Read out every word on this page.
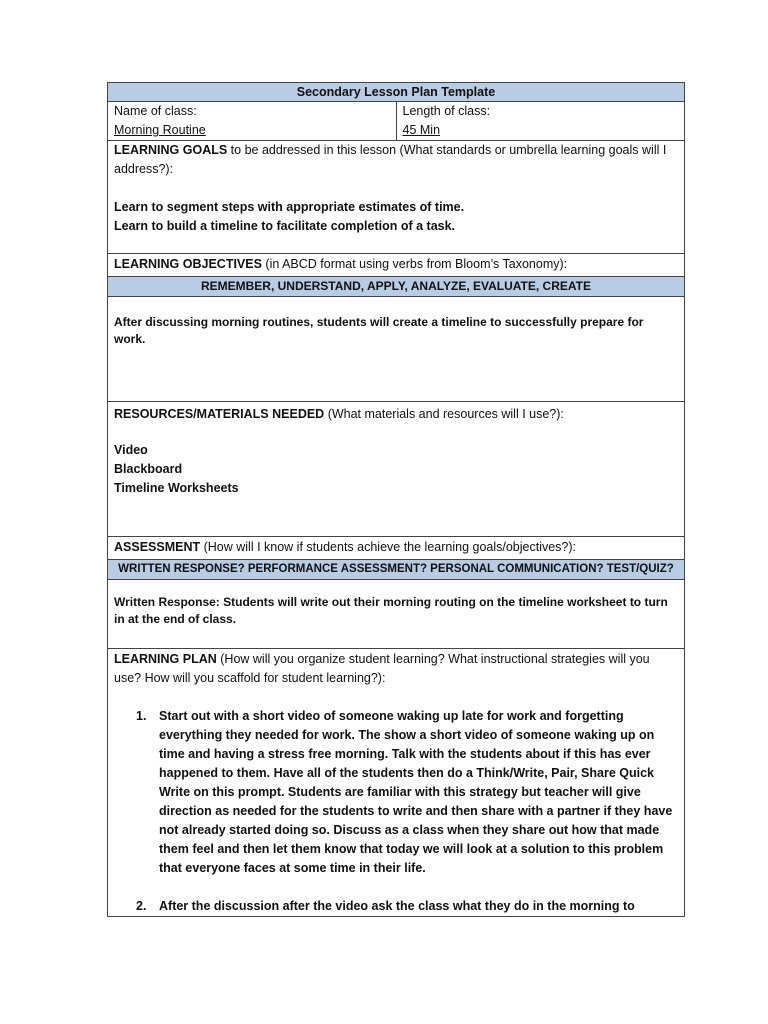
Secondary Lesson Plan Template

Name of class:
Morning Routine

Length of class:
45 Min

LEARNING GOALS to be addressed in this lesson (What standards or umbrella learning goals will I address?):
Learn to segment steps with appropriate estimates of time.
Learn to build a timeline to facilitate completion of a task.

LEARNING OBJECTIVES (in ABCD format using verbs from Bloom’s Taxonomy):
REMEMBER, UNDERSTAND, APPLY, ANALYZE, EVALUATE, CREATE

After discussing morning routines, students will create a timeline to successfully prepare for work.

RESOURCES/MATERIALS NEEDED (What materials and resources will I use?):
Video
Blackboard
Timeline Worksheets

ASSESSMENT (How will I know if students achieve the learning goals/objectives?):
WRITTEN RESPONSE? PERFORMANCE ASSESSMENT? PERSONAL COMMUNICATION? TEST/QUIZ?

Written Response: Students will write out their morning routing on the timeline worksheet to turn in at the end of class.

LEARNING PLAN (How will you organize student learning? What instructional strategies will you use? How will you scaffold for student learning?):
1. Start out with a short video of someone waking up late for work and forgetting everything they needed for work. The show a short video of someone waking up on time and having a stress free morning. Talk with the students about if this has ever happened to them. Have all of the students then do a Think/Write, Pair, Share Quick Write on this prompt. Students are familiar with this strategy but teacher will give direction as needed for the students to write and then share with a partner if they have not already started doing so. Discuss as a class when they share out how that made them feel and then let them know that today we will look at a solution to this problem that everyone faces at some time in their life.
2. After the discussion after the video ask the class what they do in the morning to
